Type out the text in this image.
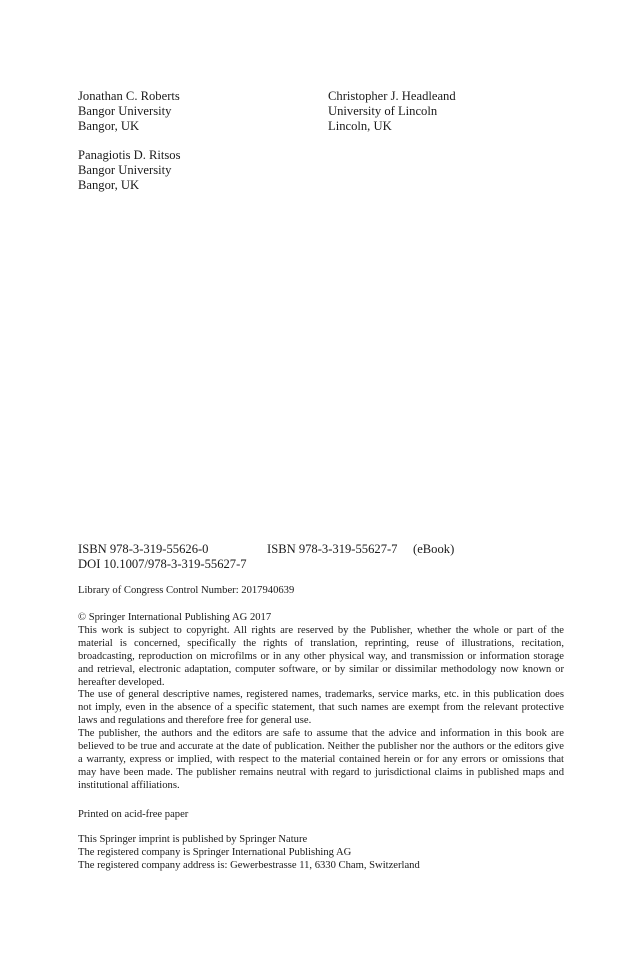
Jonathan C. Roberts
Bangor University
Bangor, UK
Christopher J. Headleand
University of Lincoln
Lincoln, UK
Panagiotis D. Ritsos
Bangor University
Bangor, UK
ISBN 978-3-319-55626-0	ISBN 978-3-319-55627-7 (eBook)
DOI 10.1007/978-3-319-55627-7
Library of Congress Control Number: 2017940639

© Springer International Publishing AG 2017

This work is subject to copyright. All rights are reserved by the Publisher, whether the whole or part of the material is concerned, specifically the rights of translation, reprinting, reuse of illustrations, recitation, broadcasting, reproduction on microfilms or in any other physical way, and transmission or information storage and retrieval, electronic adaptation, computer software, or by similar or dissimilar methodology now known or hereafter developed.

The use of general descriptive names, registered names, trademarks, service marks, etc. in this publication does not imply, even in the absence of a specific statement, that such names are exempt from the relevant protective laws and regulations and therefore free for general use.

The publisher, the authors and the editors are safe to assume that the advice and information in this book are believed to be true and accurate at the date of publication. Neither the publisher nor the authors or the editors give a warranty, express or implied, with respect to the material contained herein or for any errors or omissions that may have been made. The publisher remains neutral with regard to jurisdictional claims in published maps and institutional affiliations.

Printed on acid-free paper
This Springer imprint is published by Springer Nature
The registered company is Springer International Publishing AG
The registered company address is: Gewerbestrasse 11, 6330 Cham, Switzerland
